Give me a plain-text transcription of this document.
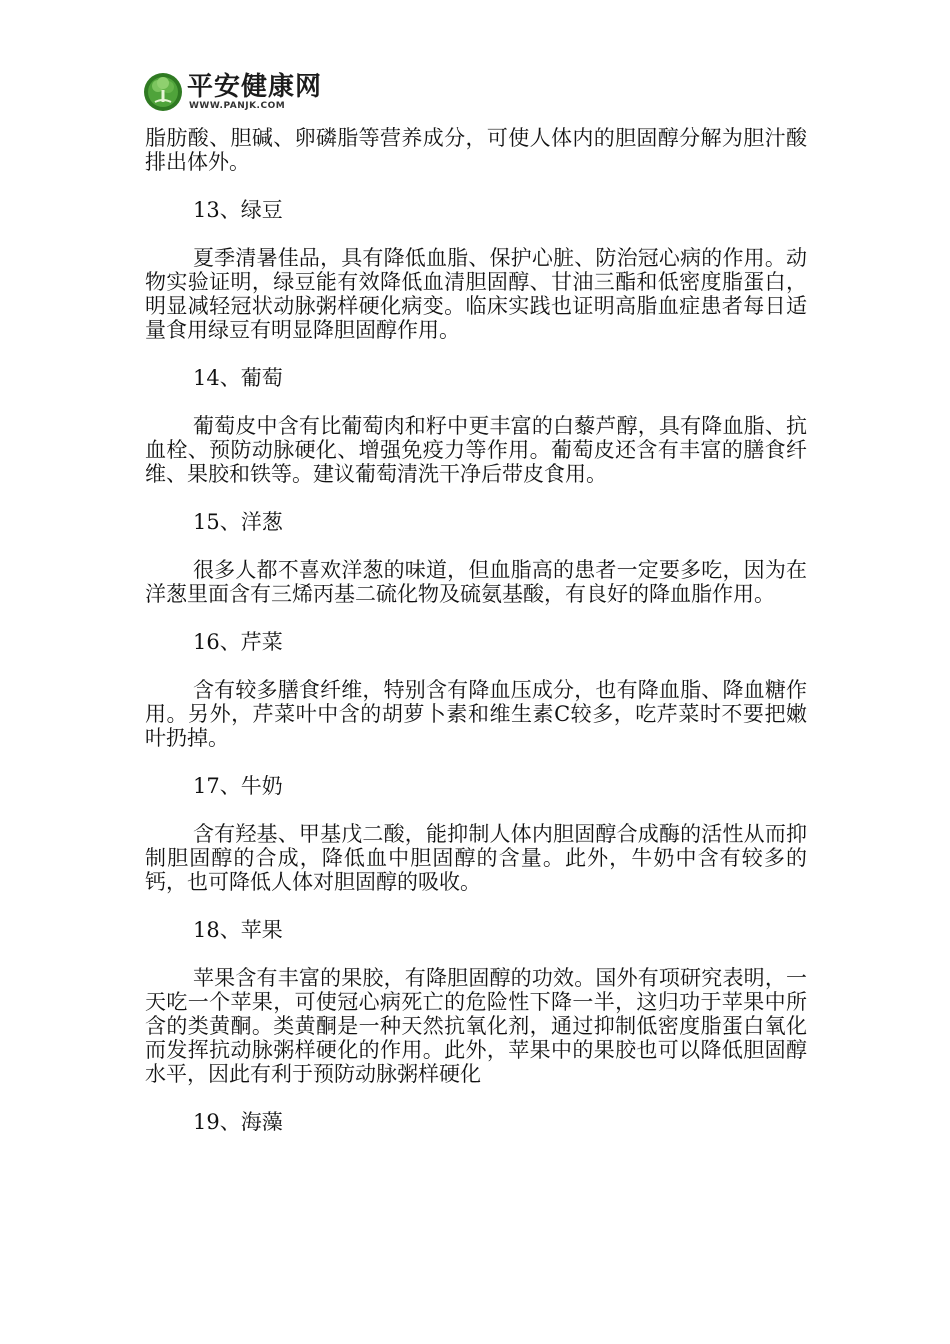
平安健康网
WWW.PANJK.COM

脂肪酸、胆碱、卵磷脂等营养成分，可使人体内的胆固醇分解为胆汁酸排出体外。

13、绿豆

夏季清暑佳品，具有降低血脂、保护心脏、防治冠心病的作用。动物实验证明，绿豆能有效降低血清胆固醇、甘油三酯和低密度脂蛋白，明显减轻冠状动脉粥样硬化病变。临床实践也证明高脂血症患者每日适量食用绿豆有明显降胆固醇作用。

14、葡萄

葡萄皮中含有比葡萄肉和籽中更丰富的白藜芦醇，具有降血脂、抗血栓、预防动脉硬化、增强免疫力等作用。葡萄皮还含有丰富的膳食纤维、果胶和铁等。建议葡萄清洗干净后带皮食用。

15、洋葱

很多人都不喜欢洋葱的味道，但血脂高的患者一定要多吃，因为在洋葱里面含有三烯丙基二硫化物及硫氨基酸，有良好的降血脂作用。

16、芹菜

含有较多膳食纤维，特别含有降血压成分，也有降血脂、降血糖作用。另外，芹菜叶中含的胡萝卜素和维生素C较多，吃芹菜时不要把嫩叶扔掉。

17、牛奶

含有羟基、甲基戊二酸，能抑制人体内胆固醇合成酶的活性从而抑制胆固醇的合成，降低血中胆固醇的含量。此外，牛奶中含有较多的钙，也可降低人体对胆固醇的吸收。

18、苹果

苹果含有丰富的果胶，有降胆固醇的功效。国外有项研究表明，一天吃一个苹果，可使冠心病死亡的危险性下降一半，这归功于苹果中所含的类黄酮。类黄酮是一种天然抗氧化剂，通过抑制低密度脂蛋白氧化而发挥抗动脉粥样硬化的作用。此外，苹果中的果胶也可以降低胆固醇水平，因此有利于预防动脉粥样硬化

19、海藻
